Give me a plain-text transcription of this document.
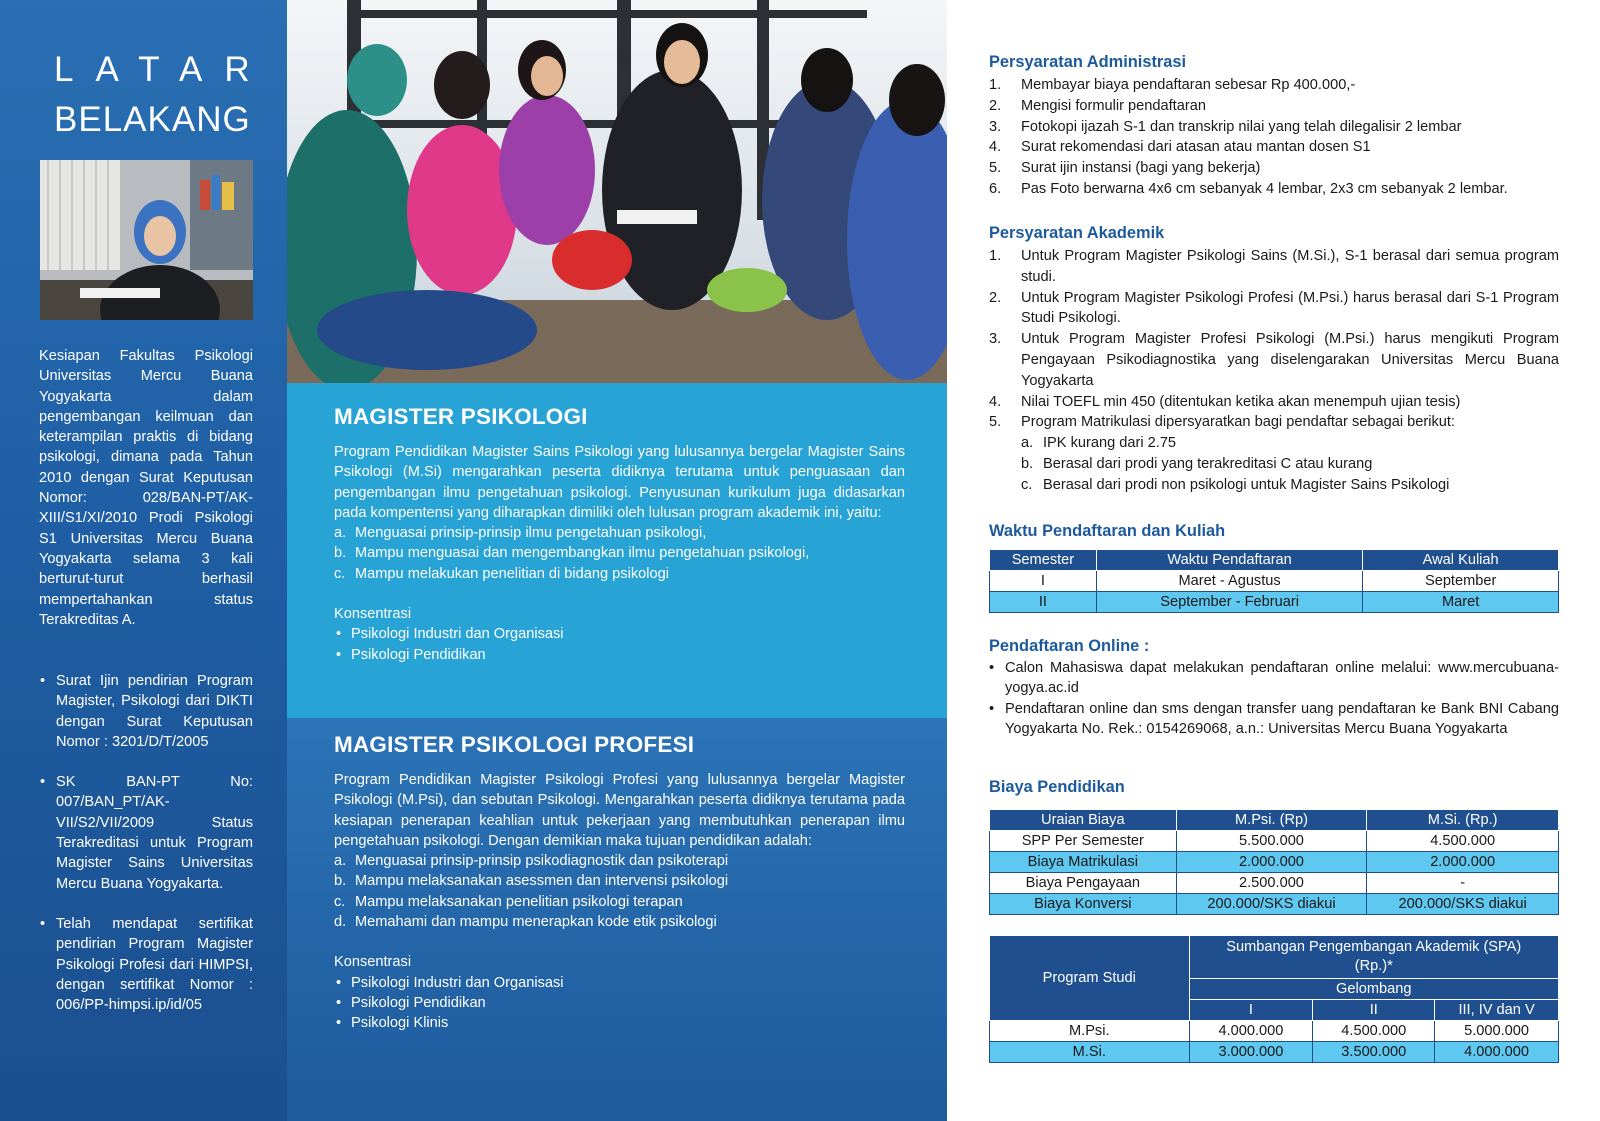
LATAR
BELAKANG

Kesiapan Fakultas Psikologi Universitas Mercu Buana Yogyakarta dalam pengembangan keilmuan dan keterampilan praktis di bidang psikologi, dimana pada Tahun 2010 dengan Surat Keputusan Nomor: 028/BAN-PT/AK-XIII/S1/XI/2010 Prodi Psikologi S1 Universitas Mercu Buana Yogyakarta selama 3 kali berturut-turut berhasil mempertahankan status Terakreditas A.

• Surat Ijin pendirian Program Magister, Psikologi dari DIKTI dengan Surat Keputusan Nomor : 3201/D/T/2005
• SK BAN-PT No: 007/BAN_PT/AK-VII/S2/VII/2009 Status Terakreditasi untuk Program Magister Sains Universitas Mercu Buana Yogyakarta.
• Telah mendapat sertifikat pendirian Program Magister Psikologi Profesi dari HIMPSI, dengan sertifikat Nomor : 006/PP-himpsi.ip/id/05
MAGISTER PSIKOLOGI

Program Pendidikan Magister Sains Psikologi yang lulusannya bergelar Magister Sains Psikologi (M.Si) mengarahkan peserta didiknya terutama untuk penguasaan dan pengembangan ilmu pengetahuan psikologi. Penyusunan kurikulum juga didasarkan pada kompentensi yang diharapkan dimiliki oleh lulusan program akademik ini, yaitu:

a. Menguasai prinsip-prinsip ilmu pengetahuan psikologi,
b. Mampu menguasai dan mengembangkan ilmu pengetahuan psikologi,
c. Mampu melakukan penelitian di bidang psikologi
Konsentrasi
• Psikologi Industri dan Organisasi
• Psikologi Pendidikan
MAGISTER PSIKOLOGI PROFESI

Program Pendidikan Magister Psikologi Profesi yang lulusannya bergelar Magister Psikologi (M.Psi), dan sebutan Psikologi. Mengarahkan peserta didiknya terutama pada kesiapan penerapan keahlian untuk pekerjaan yang membutuhkan penerapan ilmu pengetahuan psikologi. Dengan demikian maka tujuan pendidikan adalah:

a. Menguasai prinsip-prinsip psikodiagnostik dan psikoterapi
b. Mampu melaksanakan asessmen dan intervensi psikologi
c. Mampu melaksanakan penelitian psikologi terapan
d. Memahami dan mampu menerapkan kode etik psikologi
Konsentrasi
• Psikologi Industri dan Organisasi
• Psikologi Pendidikan
• Psikologi Klinis
Persyaratan Administrasi
1. Membayar biaya pendaftaran sebesar Rp 400.000,-
2. Mengisi formulir pendaftaran
3. Fotokopi ijazah S-1 dan transkrip nilai yang telah dilegalisir 2 lembar
4. Surat rekomendasi dari atasan atau mantan dosen S1
5. Surat ijin instansi (bagi yang bekerja)
6. Pas Foto berwarna 4x6 cm sebanyak 4 lembar, 2x3 cm sebanyak 2 lembar.
Persyaratan Akademik
1. Untuk Program Magister Psikologi Sains (M.Si.), S-1 berasal dari semua program studi.
2. Untuk Program Magister Psikologi Profesi (M.Psi.) harus berasal dari S-1 Program Studi Psikologi.
3. Untuk Program Magister Profesi Psikologi (M.Psi.) harus mengikuti Program Pengayaan Psikodiagnostika yang diselengarakan Universitas Mercu Buana Yogyakarta
4. Nilai TOEFL min 450 (ditentukan ketika akan menempuh ujian tesis)
5. Program Matrikulasi dipersyaratkan bagi pendaftar sebagai berikut:
a. IPK kurang dari 2.75
b. Berasal dari prodi yang terakreditasi C atau kurang
c. Berasal dari prodi non psikologi untuk Magister Sains Psikologi
Waktu Pendaftaran dan Kuliah
Semester	Waktu Pendaftaran	Awal Kuliah
I	Maret - Agustus	September
II	September - Februari	Maret
Pendaftaran Online :
• Calon Mahasiswa dapat melakukan pendaftaran online melalui: www.mercubuana-yogya.ac.id
• Pendaftaran online dan sms dengan transfer uang pendaftaran ke Bank BNI Cabang Yogyakarta No. Rek.: 0154269068, a.n.: Universitas Mercu Buana Yogyakarta
Biaya Pendidikan
Uraian Biaya	M.Psi. (Rp)	M.Si. (Rp.)
SPP Per Semester	5.500.000	4.500.000
Biaya Matrikulasi	2.000.000	2.000.000
Biaya Pengayaan	2.500.000	-
Biaya Konversi	200.000/SKS diakui	200.000/SKS diakui
Program Studi	Sumbangan Pengembangan Akademik (SPA) (Rp.)*		
	Gelombang		
	I	II	III, IV dan V
M.Psi.	4.000.000	4.500.000	5.000.000
M.Si.	3.000.000	3.500.000	4.000.000
